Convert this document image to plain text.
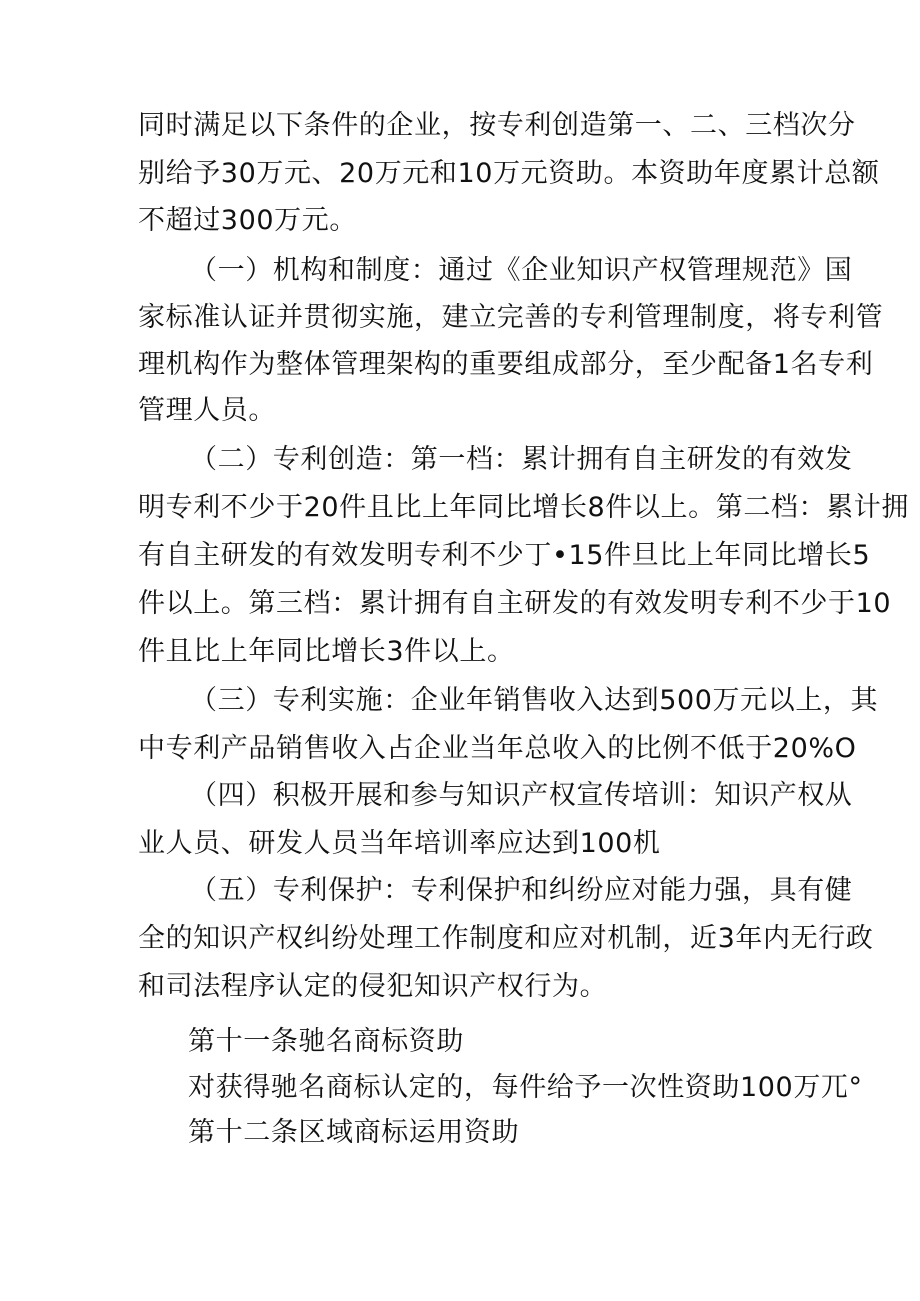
同时满足以下条件的企业，按专利创造第一、二、三档次分
别给予30万元、20万元和10万元资助。本资助年度累计总额
不超过300万元。
（一）机构和制度：通过《企业知识产权管理规范》国
家标准认证并贯彻实施，建立完善的专利管理制度，将专利管
理机构作为整体管理架构的重要组成部分，至少配备1名专利
管理人员。
（二）专利创造：第一档：累计拥有自主研发的有效发
明专利不少于20件且比上年同比增长8件以上。第二档：累计拥
有自主研发的有效发明专利不少丁•15件旦比上年同比增长5
件以上。第三档：累计拥有自主研发的有效发明专利不少于10
件且比上年同比增长3件以上。
（三）专利实施：企业年销售收入达到500万元以上，其
中专利产品销售收入占企业当年总收入的比例不低于20%O
（四）积极开展和参与知识产权宣传培训：知识产权从
业人员、研发人员当年培训率应达到100机
（五）专利保护：专利保护和纠纷应对能力强，具有健
全的知识产权纠纷处理工作制度和应对机制，近3年内无行政
和司法程序认定的侵犯知识产权行为。
第十一条驰名商标资助
对获得驰名商标认定的，每件给予一次性资助100万兀°
第十二条区域商标运用资助
